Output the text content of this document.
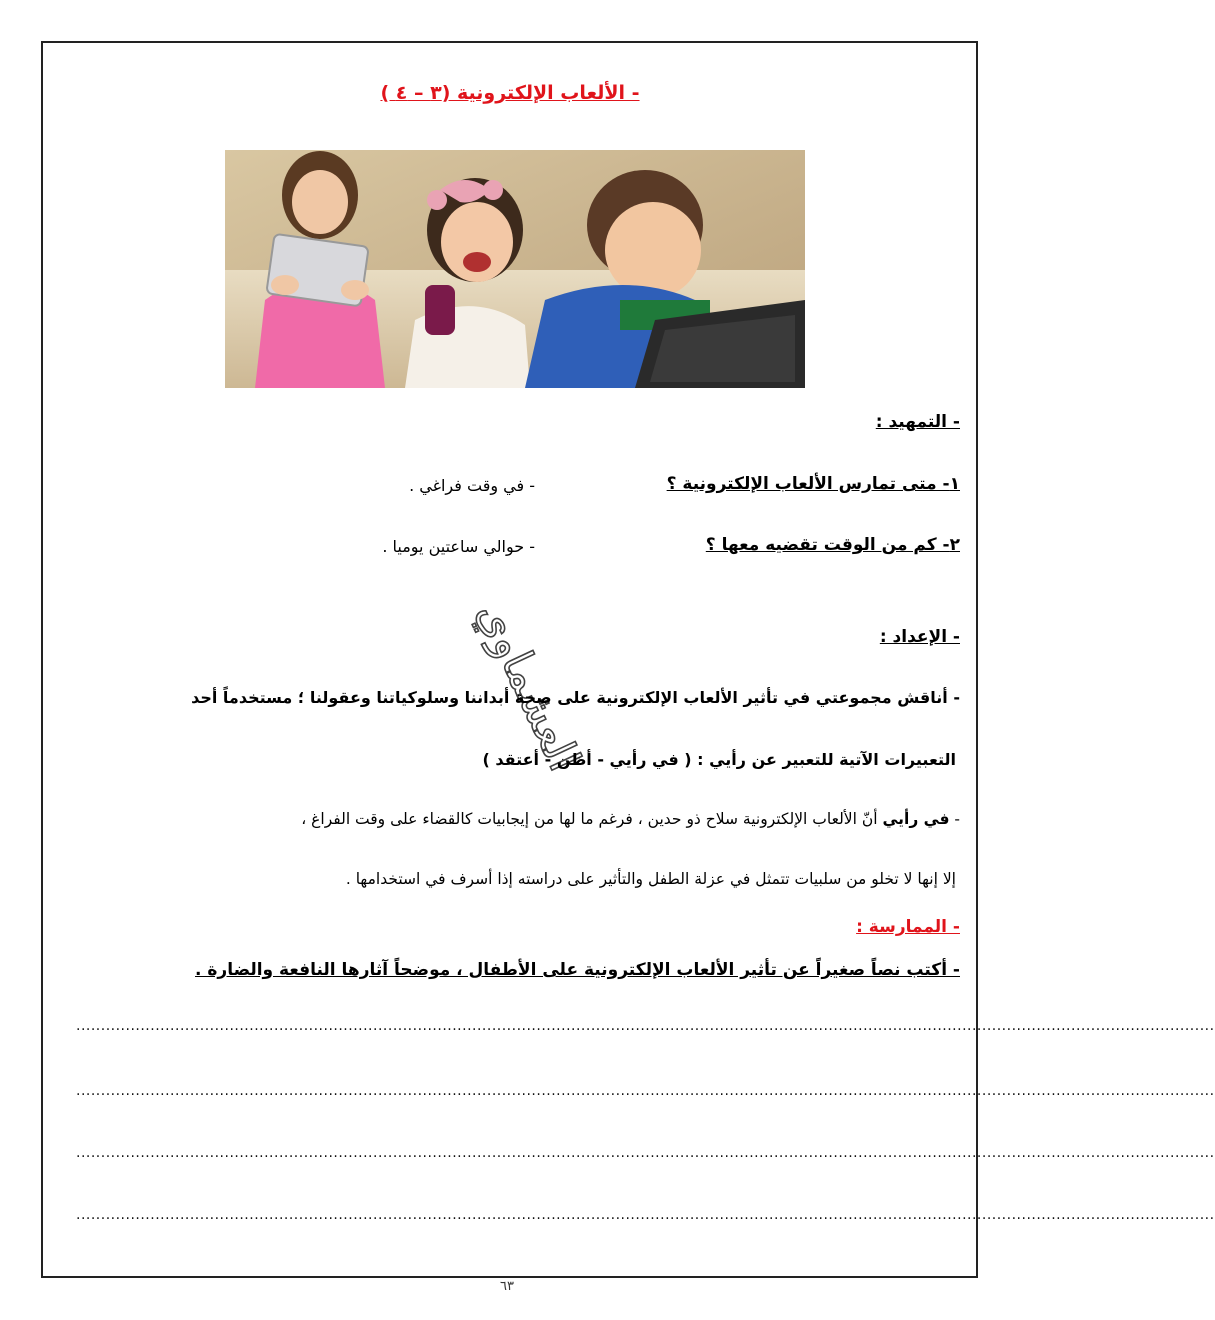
- الألعاب الإلكترونية (٣ – ٤ )
- التمهيد :
١- متى تمارس الألعاب الإلكترونية ؟
- في وقت فراغي .
٢- كم من الوقت تقضيه معها ؟
- حوالي ساعتين يوميا .
العشماوي	- الإعداد :
- أناقش مجموعتي في تأثير الألعاب الإلكترونية على صحة أبداننا وسلوكياتنا وعقولنا ؛ مستخدماً أحد
التعبيرات الآتية للتعبير عن رأيي : ( في رأيي - أظن - أعتقد )
- في رأيي أنّ الألعاب الإلكترونية سلاح ذو حدين ، فرغم ما لها من إيجابيات كالقضاء على وقت الفراغ ،
إلا إنها لا تخلو من سلبيات تتمثل في عزلة الطفل والتأثير على دراسته إذا أسرف في استخدامها .
- الممارسة :
- أكتب نصاً صغيراً عن تأثير الألعاب الإلكترونية على الأطفال ، موضحاً آثارها النافعة والضارة .
......................................................................................................................................................................................................................................
......................................................................................................................................................................................................................................
......................................................................................................................................................................................................................................
......................................................................................................................................................................................................................................
٦٣
